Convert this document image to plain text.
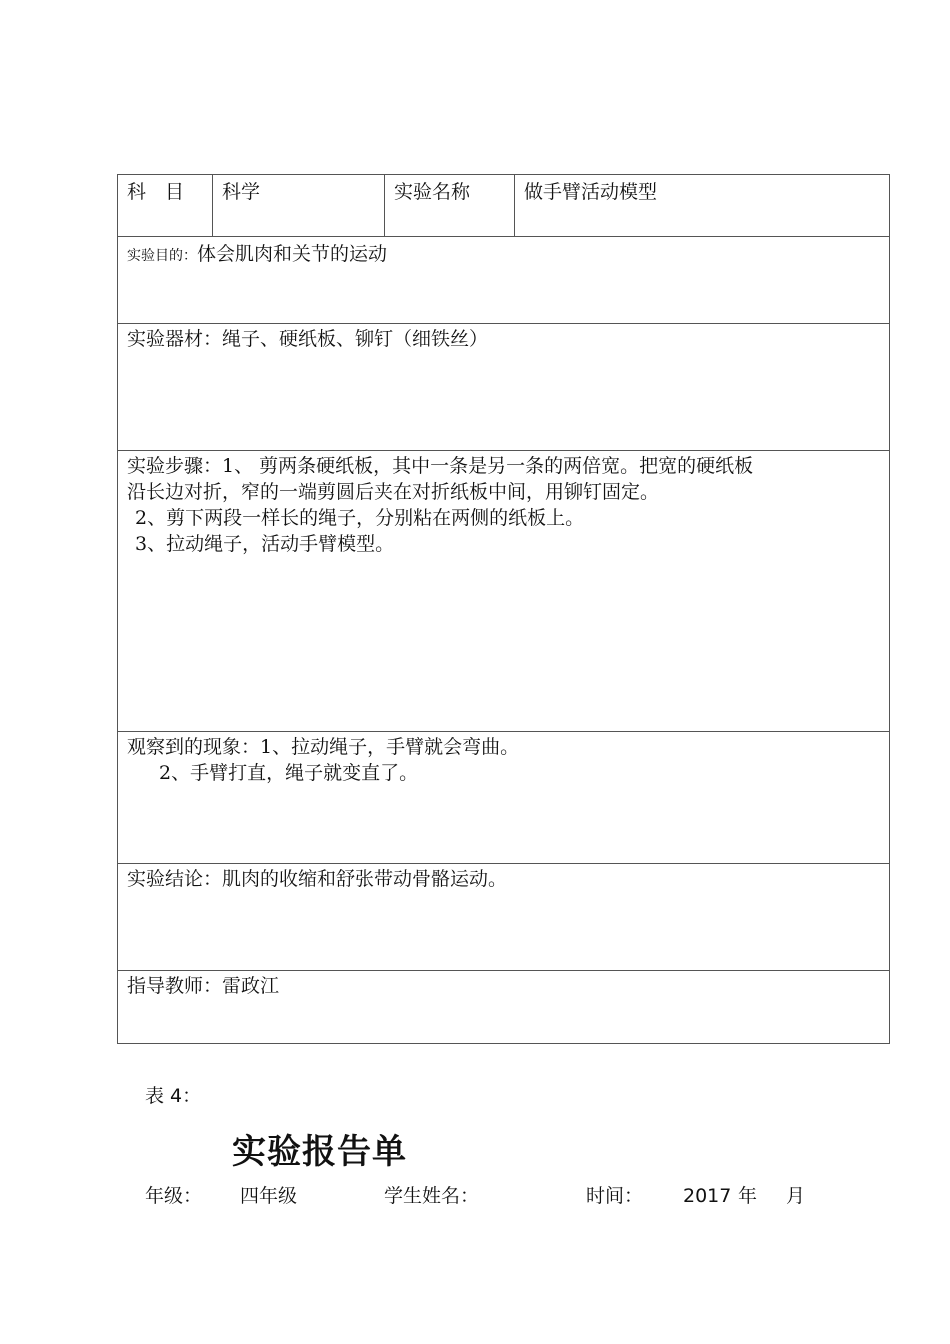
科　目	科学	实验名称	做手臂活动模型
实验目的：体会肌肉和关节的运动
实验器材：绳子、硬纸板、铆钉（细铁丝）
实验步骤：1、 剪两条硬纸板，其中一条是另一条的两倍宽。把宽的硬纸板
沿长边对折，窄的一端剪圆后夹在对折纸板中间，用铆钉固定。
2、剪下两段一样长的绳子，分别粘在两侧的纸板上。
3、拉动绳子，活动手臂模型。
观察到的现象：1、拉动绳子，手臂就会弯曲。
2、手臂打直，绳子就变直了。
实验结论：肌肉的收缩和舒张带动骨骼运动。
指导教师：雷政江
表 4：
实验报告单
年级： 四年级	学生姓名：	时间： 2017 年 月
